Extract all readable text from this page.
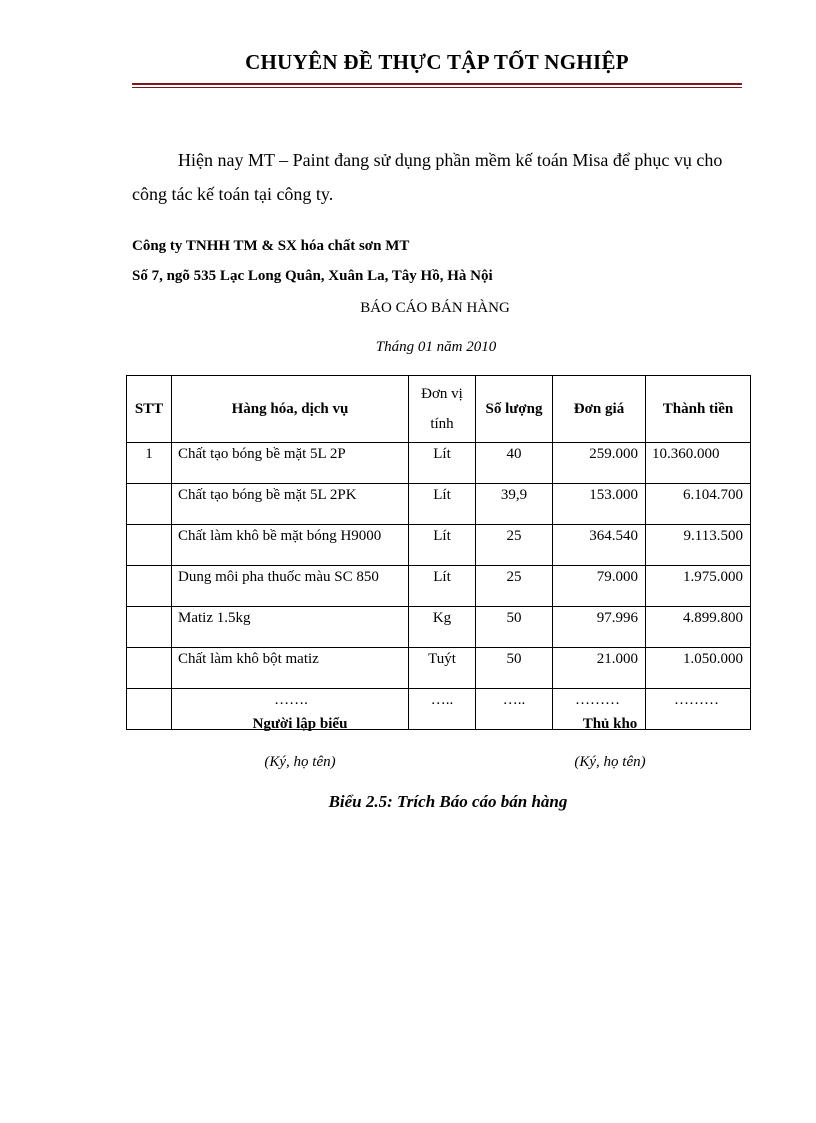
CHUYÊN ĐỀ THỰC TẬP TỐT NGHIỆP
Hiện nay MT – Paint đang sử dụng phần mềm kế toán Misa để phục vụ cho công tác kế toán tại công ty.
Công ty TNHH TM & SX hóa chất sơn MT
Số 7, ngõ 535 Lạc Long Quân, Xuân La, Tây Hồ, Hà Nội
BÁO CÁO BÁN HÀNG
Tháng 01 năm 2010
STT	Hàng hóa, dịch vụ	Đơn vị tính	Số lượng	Đơn giá	Thành tiền
1	Chất tạo bóng bề mặt 5L 2P	Lít	40	259.000	10.360.000
	Chất tạo bóng bề mặt 5L 2PK	Lít	39,9	153.000	6.104.700
	Chất làm khô bề mặt bóng H9000	Lít	25	364.540	9.113.500
	Dung môi pha thuốc màu SC 850	Lít	25	79.000	1.975.000
	Matiz 1.5kg	Kg	50	97.996	4.899.800
	Chất làm khô bột matiz	Tuýt	50	21.000	1.050.000
	…….	…..	…..	………	………
Người lập biểu
(Ký, họ tên)
Thủ kho
(Ký, họ tên)
Biểu 2.5: Trích Báo cáo bán hàng
